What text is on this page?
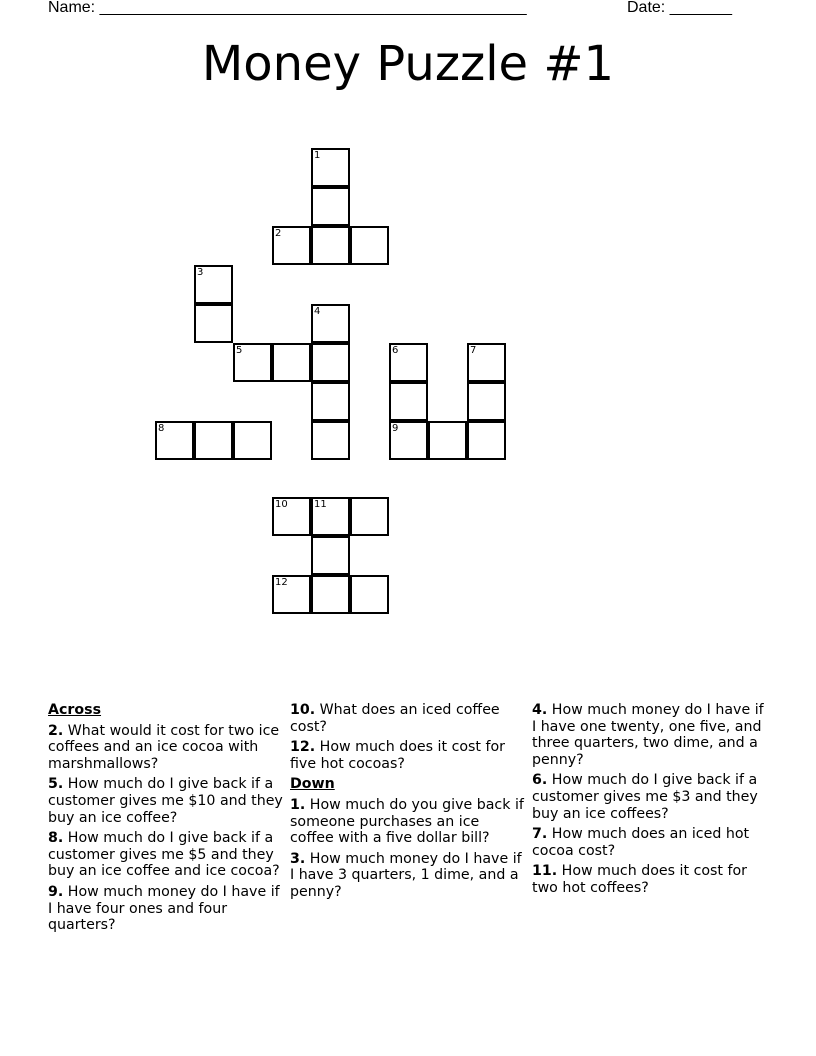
Name: ________________________________________________	Date: _______
Money Puzzle #1
1
2
3
4
5	6	7
8	9
10	11
12
Across
2. What would it cost for two ice coffees and an ice cocoa with marshmallows?
5. How much do I give back if a customer gives me $10 and they buy an ice coffee?
8. How much do I give back if a customer gives me $5 and they buy an ice coffee and ice cocoa?
9. How much money do I have if I have four ones and four quarters?
10. What does an iced coffee cost?
12. How much does it cost for five hot cocoas?
Down
1. How much do you give back if someone purchases an ice coffee with a five dollar bill?
3. How much money do I have if I have 3 quarters, 1 dime, and a penny?
4. How much money do I have if I have one twenty, one five, and three quarters, two dime, and a penny?
6. How much do I give back if a customer gives me $3 and they buy an ice coffees?
7. How much does an iced hot cocoa cost?
11. How much does it cost for two hot coffees?
